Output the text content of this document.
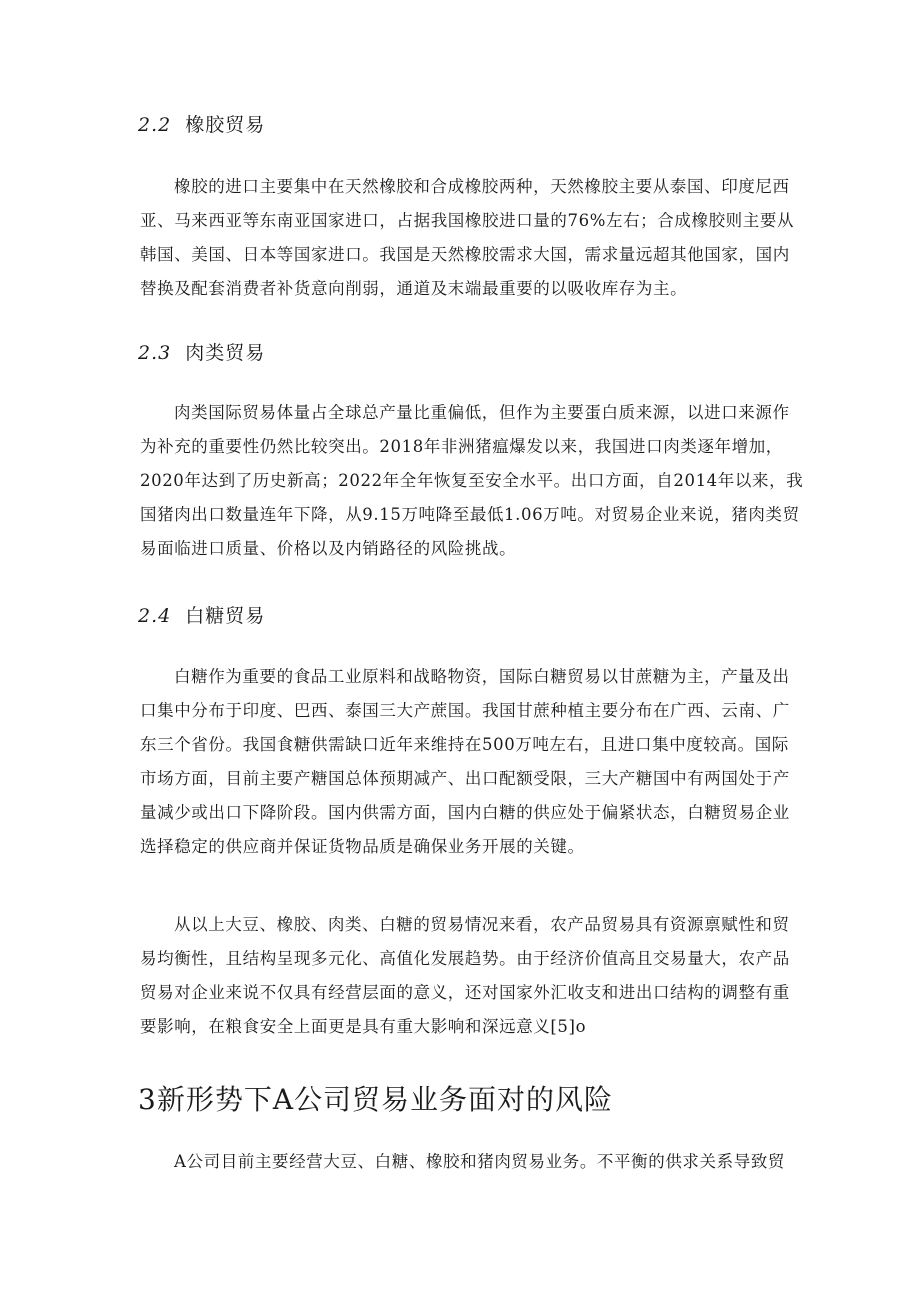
2.2 橡胶贸易
橡胶的进口主要集中在天然橡胶和合成橡胶两种，天然橡胶主要从泰国、印度尼西
亚、马来西亚等东南亚国家进口，占据我国橡胶进口量的76%左右；合成橡胶则主要从
韩国、美国、日本等国家进口。我国是天然橡胶需求大国，需求量远超其他国家，国内
替换及配套消费者补货意向削弱，通道及末端最重要的以吸收库存为主。
2.3 肉类贸易
肉类国际贸易体量占全球总产量比重偏低，但作为主要蛋白质来源，以进口来源作
为补充的重要性仍然比较突出。2018年非洲猪瘟爆发以来，我国进口肉类逐年增加，
2020年达到了历史新高；2022年全年恢复至安全水平。出口方面，自2014年以来，我
国猪肉出口数量连年下降，从9.15万吨降至最低1.06万吨。对贸易企业来说，猪肉类贸
易面临进口质量、价格以及内销路径的风险挑战。
2.4 白糖贸易
白糖作为重要的食品工业原料和战略物资，国际白糖贸易以甘蔗糖为主，产量及出
口集中分布于印度、巴西、泰国三大产蔗国。我国甘蔗种植主要分布在广西、云南、广
东三个省份。我国食糖供需缺口近年来维持在500万吨左右，且进口集中度较高。国际
市场方面，目前主要产糖国总体预期减产、出口配额受限，三大产糖国中有两国处于产
量减少或出口下降阶段。国内供需方面，国内白糖的供应处于偏紧状态，白糖贸易企业
选择稳定的供应商并保证货物品质是确保业务开展的关键。
从以上大豆、橡胶、肉类、白糖的贸易情况来看，农产品贸易具有资源禀赋性和贸
易均衡性，且结构呈现多元化、高值化发展趋势。由于经济价值高且交易量大，农产品
贸易对企业来说不仅具有经营层面的意义，还对国家外汇收支和进出口结构的调整有重
要影响，在粮食安全上面更是具有重大影响和深远意义[5]o
3新形势下A公司贸易业务面对的风险
A公司目前主要经营大豆、白糖、橡胶和猪肉贸易业务。不平衡的供求关系导致贸
